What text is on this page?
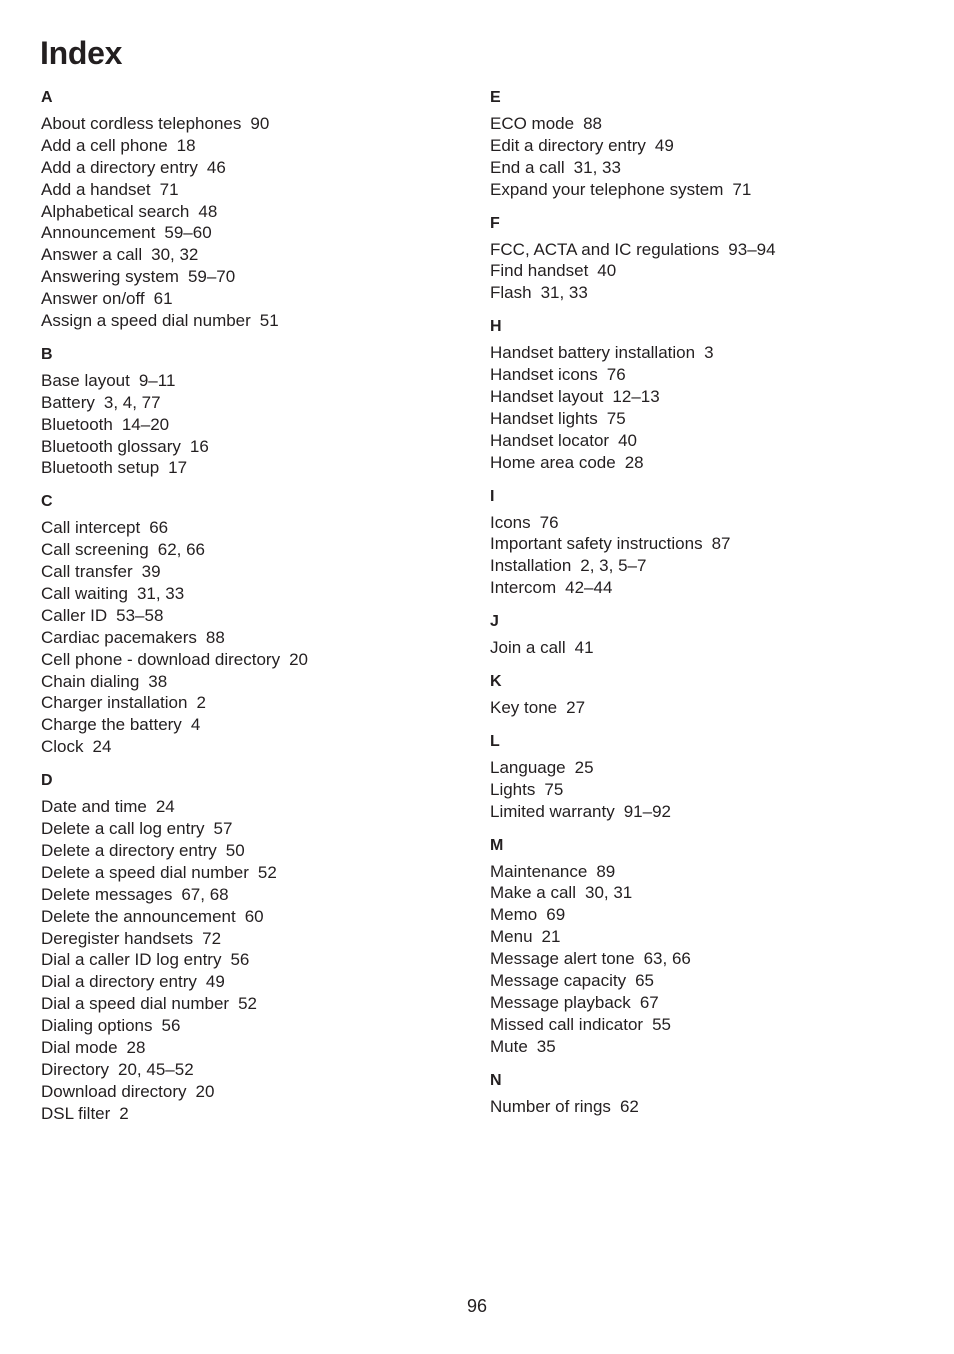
Index
A
About cordless telephones 90
Add a cell phone 18
Add a directory entry 46
Add a handset 71
Alphabetical search 48
Announcement 59–60
Answer a call 30, 32
Answering system 59–70
Answer on/off 61
Assign a speed dial number 51
B
Base layout 9–11
Battery 3, 4, 77
Bluetooth 14–20
Bluetooth glossary 16
Bluetooth setup 17
C
Call intercept 66
Call screening 62, 66
Call transfer 39
Call waiting 31, 33
Caller ID 53–58
Cardiac pacemakers 88
Cell phone - download directory 20
Chain dialing 38
Charger installation 2
Charge the battery 4
Clock 24
D
Date and time 24
Delete a call log entry 57
Delete a directory entry 50
Delete a speed dial number 52
Delete messages 67, 68
Delete the announcement 60
Deregister handsets 72
Dial a caller ID log entry 56
Dial a directory entry 49
Dial a speed dial number 52
Dialing options 56
Dial mode 28
Directory 20, 45–52
Download directory 20
DSL filter 2
E
ECO mode 88
Edit a directory entry 49
End a call 31, 33
Expand your telephone system 71
F
FCC, ACTA and IC regulations 93–94
Find handset 40
Flash 31, 33
H
Handset battery installation 3
Handset icons 76
Handset layout 12–13
Handset lights 75
Handset locator 40
Home area code 28
I
Icons 76
Important safety instructions 87
Installation 2, 3, 5–7
Intercom 42–44
J
Join a call 41
K
Key tone 27
L
Language 25
Lights 75
Limited warranty 91–92
M
Maintenance 89
Make a call 30, 31
Memo 69
Menu 21
Message alert tone 63, 66
Message capacity 65
Message playback 67
Missed call indicator 55
Mute 35
N
Number of rings 62
96
